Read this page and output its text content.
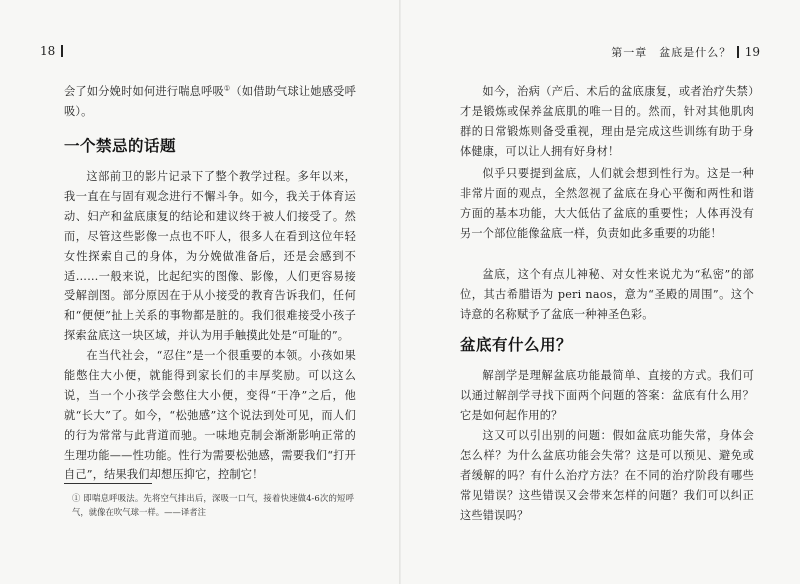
18

会了如分娩时如何进行喘息呼吸①（如借助气球让她感受呼吸）。

一个禁忌的话题

这部前卫的影片记录下了整个教学过程。多年以来，我一直在与固有观念进行不懈斗争。如今，我关于体育运动、妇产和盆底康复的结论和建议终于被人们接受了。然而，尽管这些影像一点也不吓人，很多人在看到这位年轻女性探索自己的身体，为分娩做准备后，还是会感到不适……一般来说，比起纪实的图像、影像，人们更容易接受解剖图。部分原因在于从小接受的教育告诉我们，任何和“便便”扯上关系的事物都是脏的。我们很难接受小孩子探索盆底这一块区域，并认为用手触摸此处是“可耻的”。

在当代社会，“忍住”是一个很重要的本领。小孩如果能憋住大小便，就能得到家长们的丰厚奖励。可以这么说，当一个小孩学会憋住大小便，变得“干净”之后，他就“长大”了。如今，“松弛感”这个说法到处可见，而人们的行为常常与此背道而驰。一味地克制会渐渐影响正常的生理功能——性功能。性行为需要松弛感，需要我们“打开自己”，结果我们却想压抑它，控制它！

① 即喘息呼吸法。先将空气排出后，深吸一口气，接着快速做4-6次的短呼气，就像在吹气球一样。——译者注

第一章　盆底是什么？ 19

如今，治病（产后、术后的盆底康复，或者治疗失禁）才是锻炼或保养盆底肌的唯一目的。然而，针对其他肌肉群的日常锻炼则备受重视，理由是完成这些训练有助于身体健康，可以让人拥有好身材！

似乎只要提到盆底，人们就会想到性行为。这是一种非常片面的观点，全然忽视了盆底在身心平衡和两性和谐方面的基本功能，大大低估了盆底的重要性；人体再没有另一个部位能像盆底一样，负责如此多重要的功能！

盆底，这个有点儿神秘、对女性来说尤为“私密”的部位，其古希腊语为 peri naos，意为“圣殿的周围”。这个诗意的名称赋予了盆底一种神圣色彩。

盆底有什么用？

解剖学是理解盆底功能最简单、直接的方式。我们可以通过解剖学寻找下面两个问题的答案：盆底有什么用？它是如何起作用的？

这又可以引出别的问题：假如盆底功能失常，身体会怎么样？为什么盆底功能会失常？这是可以预见、避免或者缓解的吗？有什么治疗方法？在不同的治疗阶段有哪些常见错误？这些错误又会带来怎样的问题？我们可以纠正这些错误吗？
